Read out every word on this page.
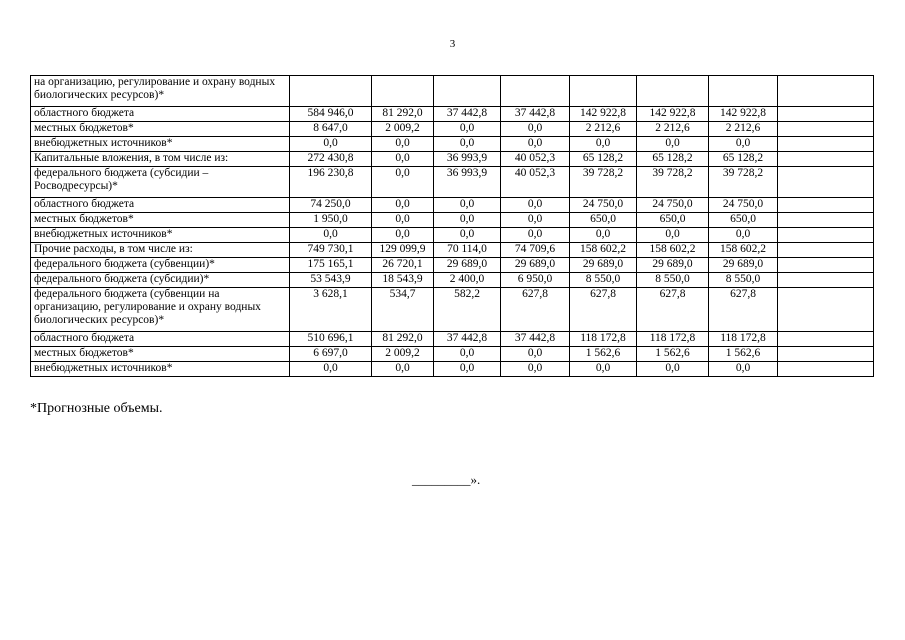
3
на организацию, регулирование и охрану водных биологических ресурсов)*								
областного бюджета	584 946,0	81 292,0	37 442,8	37 442,8	142 922,8	142 922,8	142 922,8	
местных бюджетов*	8 647,0	2 009,2	0,0	0,0	2 212,6	2 212,6	2 212,6	
внебюджетных источников*	0,0	0,0	0,0	0,0	0,0	0,0	0,0	
Капитальные вложения, в том числе из:	272 430,8	0,0	36 993,9	40 052,3	65 128,2	65 128,2	65 128,2	
федерального бюджета (субсидии – Росводресурсы)*	196 230,8	0,0	36 993,9	40 052,3	39 728,2	39 728,2	39 728,2	
областного бюджета	74 250,0	0,0	0,0	0,0	24 750,0	24 750,0	24 750,0	
местных бюджетов*	1 950,0	0,0	0,0	0,0	650,0	650,0	650,0	
внебюджетных источников*	0,0	0,0	0,0	0,0	0,0	0,0	0,0	
Прочие расходы, в том числе из:	749 730,1	129 099,9	70 114,0	74 709,6	158 602,2	158 602,2	158 602,2	
федерального бюджета (субвенции)*	175 165,1	26 720,1	29 689,0	29 689,0	29 689,0	29 689,0	29 689,0	
федерального бюджета (субсидии)*	53 543,9	18 543,9	2 400,0	6 950,0	8 550,0	8 550,0	8 550,0	
федерального бюджета (субвенции на организацию, регулирование и охрану водных биологических ресурсов)*	3 628,1	534,7	582,2	627,8	627,8	627,8	627,8	
областного бюджета	510 696,1	81 292,0	37 442,8	37 442,8	118 172,8	118 172,8	118 172,8	
местных бюджетов*	6 697,0	2 009,2	0,0	0,0	1 562,6	1 562,6	1 562,6	
внебюджетных источников*	0,0	0,0	0,0	0,0	0,0	0,0	0,0	
*Прогнозные объемы.
_________».
